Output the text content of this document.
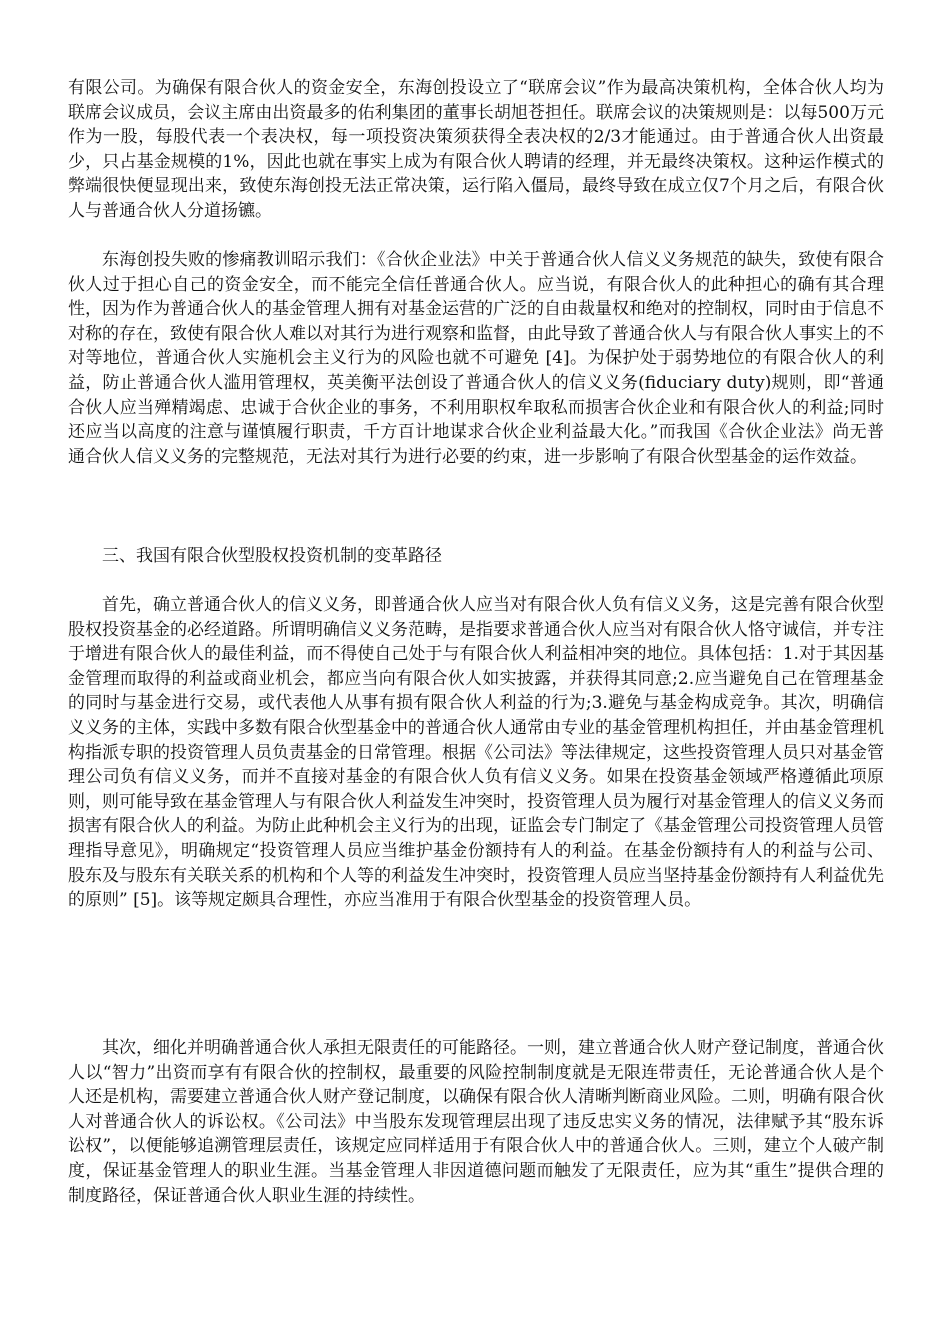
有限公司。为确保有限合伙人的资金安全，东海创投设立了“联席会议”作为最高决策机构，全体合伙人均为联席会议成员，会议主席由出资最多的佑利集团的董事长胡旭苍担任。联席会议的决策规则是：以每500万元作为一股，每股代表一个表决权，每一项投资决策须获得全表决权的2/3才能通过。由于普通合伙人出资最少，只占基金规模的1%，因此也就在事实上成为有限合伙人聘请的经理，并无最终决策权。这种运作模式的弊端很快便显现出来，致使东海创投无法正常决策，运行陷入僵局，最终导致在成立仅7个月之后，有限合伙人与普通合伙人分道扬镳。

东海创投失败的惨痛教训昭示我们：《合伙企业法》中关于普通合伙人信义义务规范的缺失，致使有限合伙人过于担心自己的资金安全，而不能完全信任普通合伙人。应当说，有限合伙人的此种担心的确有其合理性，因为作为普通合伙人的基金管理人拥有对基金运营的广泛的自由裁量权和绝对的控制权，同时由于信息不对称的存在，致使有限合伙人难以对其行为进行观察和监督，由此导致了普通合伙人与有限合伙人事实上的不对等地位，普通合伙人实施机会主义行为的风险也就不可避免 [4]。为保护处于弱势地位的有限合伙人的利益，防止普通合伙人滥用管理权，英美衡平法创设了普通合伙人的信义义务(fiduciary duty)规则，即“普通合伙人应当殚精竭虑、忠诚于合伙企业的事务，不利用职权牟取私而损害合伙企业和有限合伙人的利益;同时还应当以高度的注意与谨慎履行职责，千方百计地谋求合伙企业利益最大化。”而我国《合伙企业法》尚无普通合伙人信义义务的完整规范，无法对其行为进行必要的约束，进一步影响了有限合伙型基金的运作效益。

三、我国有限合伙型股权投资机制的变革路径

首先，确立普通合伙人的信义义务，即普通合伙人应当对有限合伙人负有信义义务，这是完善有限合伙型股权投资基金的必经道路。所谓明确信义义务范畴，是指要求普通合伙人应当对有限合伙人恪守诚信，并专注于增进有限合伙人的最佳利益，而不得使自己处于与有限合伙人利益相冲突的地位。具体包括：1.对于其因基金管理而取得的利益或商业机会，都应当向有限合伙人如实披露，并获得其同意;2.应当避免自己在管理基金的同时与基金进行交易，或代表他人从事有损有限合伙人利益的行为;3.避免与基金构成竞争。其次，明确信义义务的主体，实践中多数有限合伙型基金中的普通合伙人通常由专业的基金管理机构担任，并由基金管理机构指派专职的投资管理人员负责基金的日常管理。根据《公司法》等法律规定，这些投资管理人员只对基金管理公司负有信义义务，而并不直接对基金的有限合伙人负有信义义务。如果在投资基金领域严格遵循此项原则，则可能导致在基金管理人与有限合伙人利益发生冲突时，投资管理人员为履行对基金管理人的信义义务而损害有限合伙人的利益。为防止此种机会主义行为的出现，证监会专门制定了《基金管理公司投资管理人员管理指导意见》，明确规定“投资管理人员应当维护基金份额持有人的利益。在基金份额持有人的利益与公司、股东及与股东有关联关系的机构和个人等的利益发生冲突时，投资管理人员应当坚持基金份额持有人利益优先的原则” [5]。该等规定颇具合理性，亦应当准用于有限合伙型基金的投资管理人员。

其次，细化并明确普通合伙人承担无限责任的可能路径。一则，建立普通合伙人财产登记制度，普通合伙人以“智力”出资而享有有限合伙的控制权，最重要的风险控制制度就是无限连带责任，无论普通合伙人是个人还是机构，需要建立普通合伙人财产登记制度，以确保有限合伙人清晰判断商业风险。二则，明确有限合伙人对普通合伙人的诉讼权。《公司法》中当股东发现管理层出现了违反忠实义务的情况，法律赋予其“股东诉讼权”，以便能够追溯管理层责任，该规定应同样适用于有限合伙人中的普通合伙人。三则，建立个人破产制度，保证基金管理人的职业生涯。当基金管理人非因道德问题而触发了无限责任，应为其“重生”提供合理的制度路径，保证普通合伙人职业生涯的持续性。
